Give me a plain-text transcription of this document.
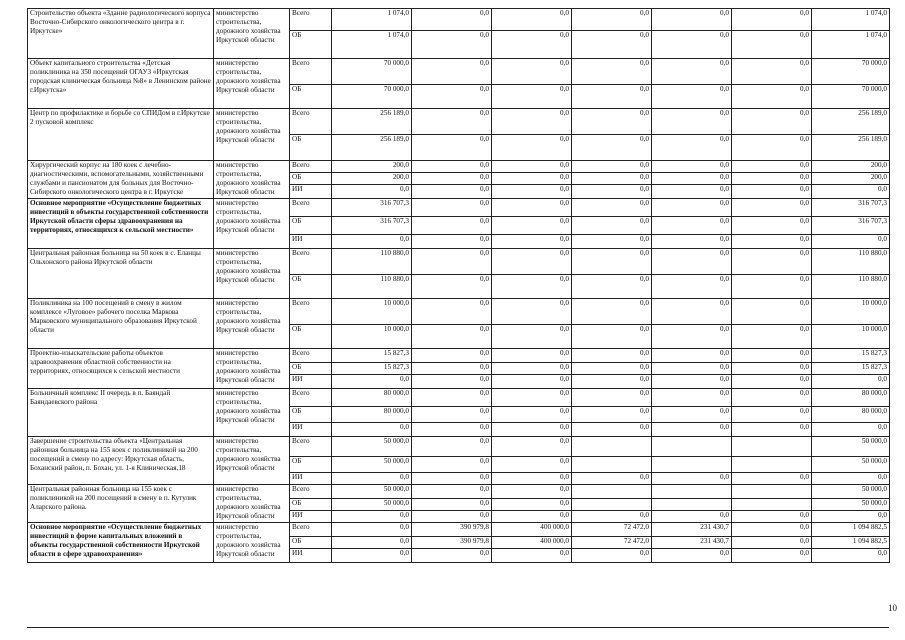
Строительство объекта «Здание радиологического корпуса Восточно-Сибирского онкологического центра в г. Иркутске»	министерство строительства, дорожного хозяйства Иркутской области	Всего	1 074,0	0,0	0,0	0,0	0,0	0,0	1 074,0
		ОБ	1 074,0	0,0	0,0	0,0	0,0	0,0	1 074,0
Объект капитального строительства «Детская поликлиника на 350 посещений ОГАУЗ «Иркутская городская клиническая больница №8» в Ленинском районе г.Иркутска»	министерство строительства, дорожного хозяйства Иркутской области	Всего	70 000,0	0,0	0,0	0,0	0,0	0,0	70 000,0
		ОБ	70 000,0	0,0	0,0	0,0	0,0	0,0	70 000,0
Центр по профилактике и борьбе со СПИДом в г.Иркутске 2 пусковой комплекс	министерство строительства, дорожного хозяйства Иркутской области	Всего	256 189,0	0,0	0,0	0,0	0,0	0,0	256 189,0
		ОБ	256 189,0	0,0	0,0	0,0	0,0	0,0	256 189,0
Хирургический корпус на 180 коек с лечебно-диагностическими, вспомогательными, хозяйственными службами и пансионатом для больных для Восточно-Сибирского онкологического центра в г. Иркутске	министерство строительства, дорожного хозяйства Иркутской области	Всего	200,0	0,0	0,0	0,0	0,0	0,0	200,0
		ОБ	200,0	0,0	0,0	0,0	0,0	0,0	200,0
		ИИ	0,0	0,0	0,0	0,0	0,0	0,0	0,0
Основное мероприятие «Осуществление бюджетных инвестиций в объекты государственной собственности Иркутской области сферы здравоохранения на территориях, относящихся к сельской местности»	министерство строительства, дорожного хозяйства Иркутской области	Всего	316 707,3	0,0	0,0	0,0	0,0	0,0	316 707,3
		ОБ	316 707,3	0,0	0,0	0,0	0,0	0,0	316 707,3
		ИИ	0,0	0,0	0,0	0,0	0,0	0,0	0,0
Центральная районная больница на 50 коек в с. Еланцы Ольхонского района Иркутской области	министерство строительства, дорожного хозяйства Иркутской области	Всего	110 880,0	0,0	0,0	0,0	0,0	0,0	110 880,0
		ОБ	110 880,0	0,0	0,0	0,0	0,0	0,0	110 880,0
Поликлиника на 100 посещений в смену в жилом комплексе «Луговое» рабочего поселка Маркова Марковского муниципального образования Иркутской области	министерство строительства, дорожного хозяйства Иркутской области	Всего	10 000,0	0,0	0,0	0,0	0,0	0,0	10 000,0
		ОБ	10 000,0	0,0	0,0	0,0	0,0	0,0	10 000,0
Проектно-изыскательские работы объектов здравоохранения областной собственности на территориях, относящихся к сельской местности	министерство строительства, дорожного хозяйства Иркутской области	Всего	15 827,3	0,0	0,0	0,0	0,0	0,0	15 827,3
		ОБ	15 827,3	0,0	0,0	0,0	0,0	0,0	15 827,3
		ИИ	0,0	0,0	0,0	0,0	0,0	0,0	0,0
Больничный комплекс II очередь в п. Баяндай Баяндаевского района	министерство строительства, дорожного хозяйства Иркутской области	Всего	80 000,0	0,0	0,0	0,0	0,0	0,0	80 000,0
		ОБ	80 000,0	0,0	0,0	0,0	0,0	0,0	80 000,0
		ИИ	0,0	0,0	0,0	0,0	0,0	0,0	0,0
Завершение строительства объекта «Центральная районная больница на 155 коек с поликлиникой на 200 посещений в смену по адресу: Иркутская область, Боханский район, п. Бохан, ул. 1-я Клиническая,18	министерство строительства, дорожного хозяйства Иркутской области	Всего	50 000,0	0,0	0,0				50 000,0
		ОБ	50 000,0	0,0	0,0				50 000,0
		ИИ	0,0	0,0	0,0	0,0	0,0	0,0	0,0
Центральная районная больница на 155 коек с поликлиникой на 200 посещений в смену в п. Кутулик Аларского района.	министерство строительства, дорожного хозяйства Иркутской области	Всего	50 000,0	0,0	0,0				50 000,0
		ОБ	50 000,0	0,0	0,0				50 000,0
		ИИ	0,0	0,0	0,0	0,0	0,0	0,0	0,0
Основное мероприятие «Осуществление бюджетных инвестиций в форме капитальных вложений в объекты государственной собственности Иркутской области в сфере здравоохранения»	министерство строительства, дорожного хозяйства Иркутской области	Всего	0,0	390 979,8	400 000,0	72 472,0	231 430,7	0,0	1 094 882,5
		ОБ	0,0	390 979,8	400 000,0	72 472,0	231 430,7	0,0	1 094 882,5
		ИИ	0,0	0,0	0,0	0,0	0,0	0,0	0,0
10
